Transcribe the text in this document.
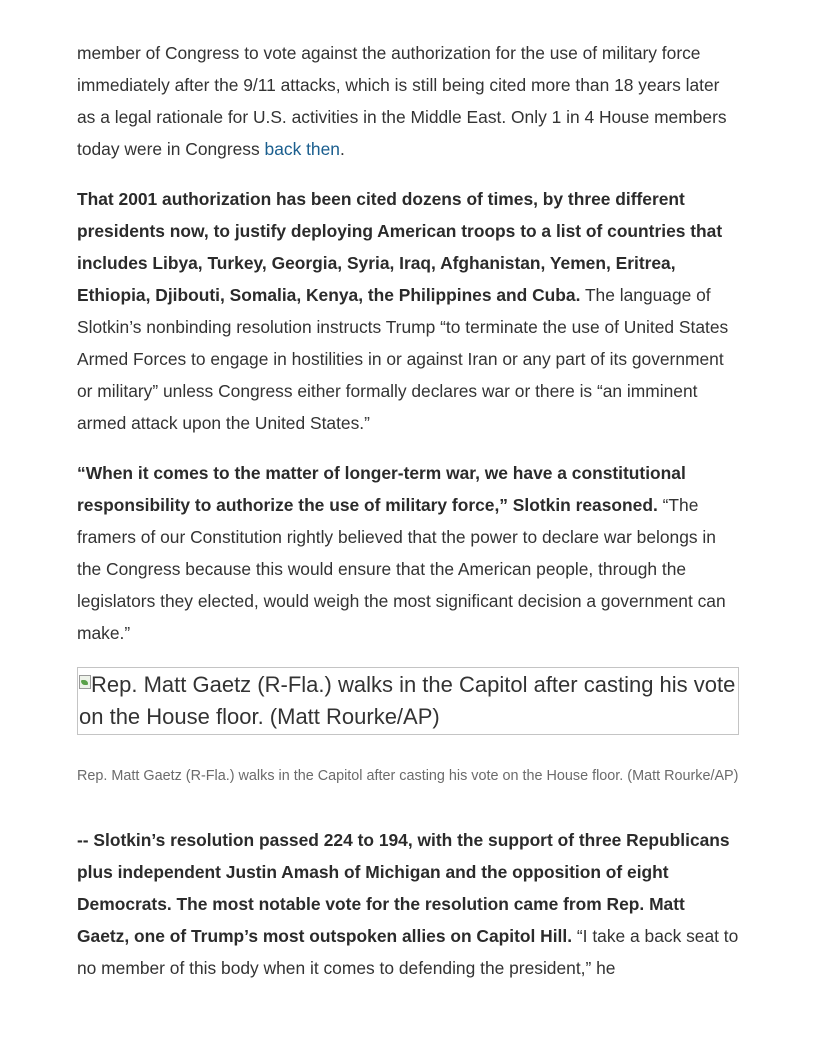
member of Congress to vote against the authorization for the use of military force immediately after the 9/11 attacks, which is still being cited more than 18 years later as a legal rationale for U.S. activities in the Middle East. Only 1 in 4 House members today were in Congress back then.

That 2001 authorization has been cited dozens of times, by three different presidents now, to justify deploying American troops to a list of countries that includes Libya, Turkey, Georgia, Syria, Iraq, Afghanistan, Yemen, Eritrea, Ethiopia, Djibouti, Somalia, Kenya, the Philippines and Cuba. The language of Slotkin’s nonbinding resolution instructs Trump “to terminate the use of United States Armed Forces to engage in hostilities in or against Iran or any part of its government or military” unless Congress either formally declares war or there is “an imminent armed attack upon the United States.”

“When it comes to the matter of longer-term war, we have a constitutional responsibility to authorize the use of military force,” Slotkin reasoned. “The framers of our Constitution rightly believed that the power to declare war belongs in the Congress because this would ensure that the American people, through the legislators they elected, would weigh the most significant decision a government can make.”

Rep. Matt Gaetz (R-Fla.) walks in the Capitol after casting his vote on the House floor. (Matt Rourke/AP)
Rep. Matt Gaetz (R-Fla.) walks in the Capitol after casting his vote on the House floor. (Matt Rourke/AP)

-- Slotkin’s resolution passed 224 to 194, with the support of three Republicans plus independent Justin Amash of Michigan and the opposition of eight Democrats. The most notable vote for the resolution came from Rep. Matt Gaetz, one of Trump’s most outspoken allies on Capitol Hill. “I take a back seat to no member of this body when it comes to defending the president,” he
